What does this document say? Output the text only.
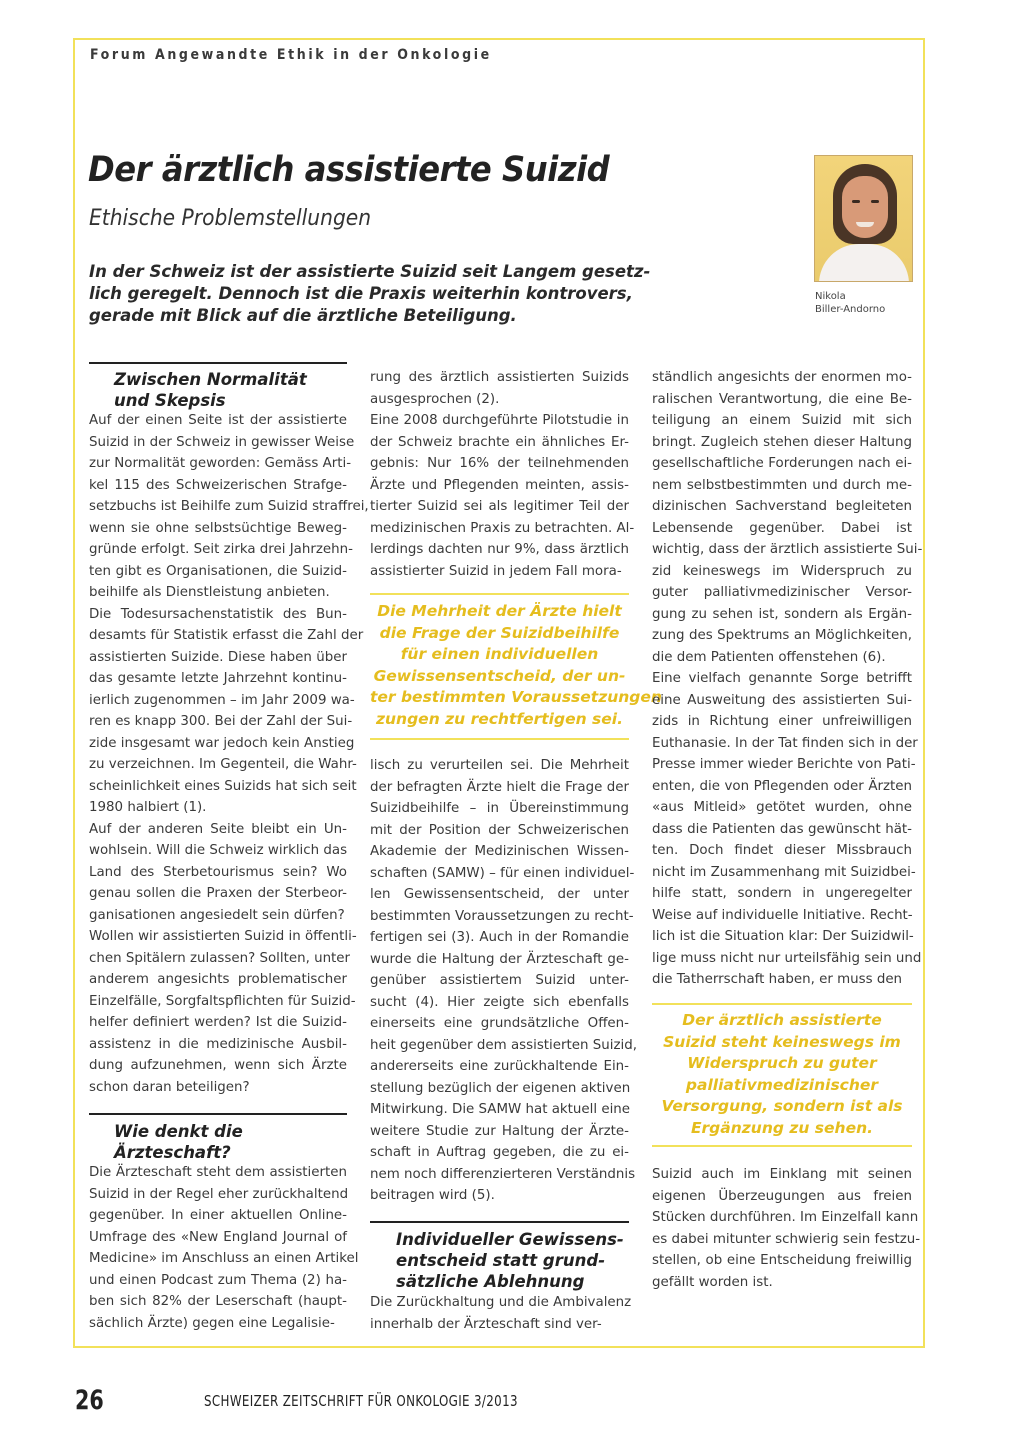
Forum Angewandte Ethik in der Onkologie
Der ärztlich assistierte Suizid
Ethische Problemstellungen
In der Schweiz ist der assistierte Suizid seit Langem gesetz-
lich geregelt. Dennoch ist die Praxis weiterhin kontrovers,
gerade mit Blick auf die ärztliche Beteiligung.
Nikola
Biller-Andorno
Zwischen Normalität
und Skepsis
Auf der einen Seite ist der assistierte
Suizid in der Schweiz in gewisser Weise
zur Normalität geworden: Gemäss Arti-
kel 115 des Schweizerischen Strafge-
setzbuchs ist Beihilfe zum Suizid straffrei,
wenn sie ohne selbstsüchtige Beweg-
gründe erfolgt. Seit zirka drei Jahrzehn-
ten gibt es Organisationen, die Suizid-
beihilfe als Dienstleistung anbieten.
Die Todesursachenstatistik des Bun-
desamts für Statistik erfasst die Zahl der
assistierten Suizide. Diese haben über
das gesamte letzte Jahrzehnt kontinu-
ierlich zugenommen – im Jahr 2009 wa-
ren es knapp 300. Bei der Zahl der Sui-
zide insgesamt war jedoch kein Anstieg
zu verzeichnen. Im Gegenteil, die Wahr-
scheinlichkeit eines Suizids hat sich seit
1980 halbiert (1).
Auf der anderen Seite bleibt ein Un-
wohlsein. Will die Schweiz wirklich das
Land des Sterbetourismus sein? Wo
genau sollen die Praxen der Sterbeor-
ganisationen angesiedelt sein dürfen?
Wollen wir assistierten Suizid in öffentli-
chen Spitälern zulassen? Sollten, unter
anderem angesichts problematischer
Einzelfälle, Sorgfaltspflichten für Suizid-
helfer definiert werden? Ist die Suizid-
assistenz in die medizinische Ausbil-
dung aufzunehmen, wenn sich Ärzte
schon daran beteiligen?
Wie denkt die
Ärzteschaft?
Die Ärzteschaft steht dem assistierten
Suizid in der Regel eher zurückhaltend
gegenüber. In einer aktuellen Online-
Umfrage des «New England Journal of
Medicine» im Anschluss an einen Artikel
und einen Podcast zum Thema (2) ha-
ben sich 82% der Leserschaft (haupt-
sächlich Ärzte) gegen eine Legalisie-
rung des ärztlich assistierten Suizids
ausgesprochen (2).
Eine 2008 durchgeführte Pilotstudie in
der Schweiz brachte ein ähnliches Er-
gebnis: Nur 16% der teilnehmenden
Ärzte und Pflegenden meinten, assis-
tierter Suizid sei als legitimer Teil der
medizinischen Praxis zu betrachten. Al-
lerdings dachten nur 9%, dass ärztlich
assistierter Suizid in jedem Fall mora-
Die Mehrheit der Ärzte hielt
die Frage der Suizidbeihilfe
für einen individuellen
Gewissensentscheid, der un-
ter bestimmten Voraussetzungen
zungen zu rechtfertigen sei.
lisch zu verurteilen sei. Die Mehrheit
der befragten Ärzte hielt die Frage der
Suizidbeihilfe – in Übereinstimmung
mit der Position der Schweizerischen
Akademie der Medizinischen Wissen-
schaften (SAMW) – für einen individuel-
len Gewissensentscheid, der unter
bestimmten Voraussetzungen zu recht-
fertigen sei (3). Auch in der Romandie
wurde die Haltung der Ärzteschaft ge-
genüber assistiertem Suizid unter-
sucht (4). Hier zeigte sich ebenfalls
einerseits eine grundsätzliche Offen-
heit gegenüber dem assistierten Suizid,
andererseits eine zurückhaltende Ein-
stellung bezüglich der eigenen aktiven
Mitwirkung. Die SAMW hat aktuell eine
weitere Studie zur Haltung der Ärzte-
schaft in Auftrag gegeben, die zu ei-
nem noch differenzierteren Verständnis
beitragen wird (5).
Individueller Gewissens-
entscheid statt grund-
sätzliche Ablehnung
Die Zurückhaltung und die Ambivalenz
innerhalb der Ärzteschaft sind ver-
ständlich angesichts der enormen mo-
ralischen Verantwortung, die eine Be-
teiligung an einem Suizid mit sich
bringt. Zugleich stehen dieser Haltung
gesellschaftliche Forderungen nach ei-
nem selbstbestimmten und durch me-
dizinischen Sachverstand begleiteten
Lebensende gegenüber. Dabei ist
wichtig, dass der ärztlich assistierte Sui-
zid keineswegs im Widerspruch zu
guter palliativmedizinischer Versor-
gung zu sehen ist, sondern als Ergän-
zung des Spektrums an Möglichkeiten,
die dem Patienten offenstehen (6).
Eine vielfach genannte Sorge betrifft
eine Ausweitung des assistierten Sui-
zids in Richtung einer unfreiwilligen
Euthanasie. In der Tat finden sich in der
Presse immer wieder Berichte von Pati-
enten, die von Pflegenden oder Ärzten
«aus Mitleid» getötet wurden, ohne
dass die Patienten das gewünscht hät-
ten. Doch findet dieser Missbrauch
nicht im Zusammenhang mit Suizidbei-
hilfe statt, sondern in ungeregelter
Weise auf individuelle Initiative. Recht-
lich ist die Situation klar: Der Suizidwil-
lige muss nicht nur urteilsfähig sein und
die Tatherrschaft haben, er muss den
Der ärztlich assistierte
Suizid steht keineswegs im
Widerspruch zu guter
palliativmedizinischer
Versorgung, sondern ist als
Ergänzung zu sehen.
Suizid auch im Einklang mit seinen
eigenen Überzeugungen aus freien
Stücken durchführen. Im Einzelfall kann
es dabei mitunter schwierig sein festzu-
stellen, ob eine Entscheidung freiwillig
gefällt worden ist.
26	SCHWEIZER ZEITSCHRIFT FÜR ONKOLOGIE 3/2013
